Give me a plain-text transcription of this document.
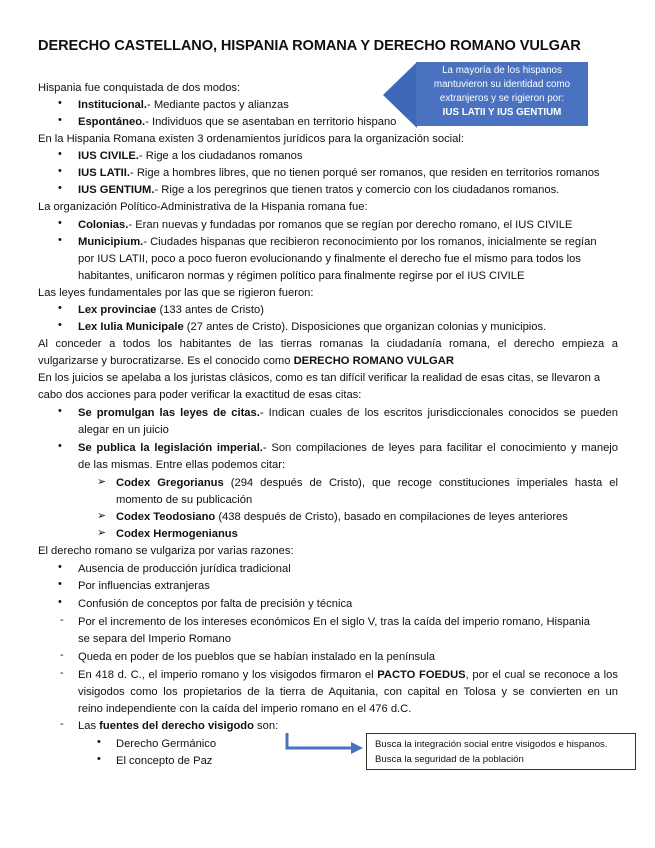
DERECHO CASTELLANO, HISPANIA ROMANA Y DERECHO ROMANO VULGAR
La mayoría de los hispanos
mantuvieron su identidad como
extranjeros y se rigieron por:
IUS LATII Y IUS GENTIUM
Hispania fue conquistada de dos modos:
•
Institucional.- Mediante pactos y alianzas
•
Espontáneo.- Individuos que se asentaban en territorio hispano
En la Hispania Romana existen 3 ordenamientos jurídicos para la organización social:
•
IUS CIVILE.- Rige a los ciudadanos romanos
•
IUS LATII.- Rige a hombres libres, que no tienen porqué ser romanos, que residen en territorios romanos
•
IUS GENTIUM.- Rige a los peregrinos que tienen tratos y comercio con los ciudadanos romanos.
La organización Político-Administrativa de la Hispania romana fue:
•
Colonias.- Eran nuevas y fundadas por romanos que se regían por derecho romano, el IUS CIVILE
•
Municipium.- Ciudades hispanas que recibieron reconocimiento por los romanos, inicialmente se regían
por IUS LATII, poco a poco fueron evolucionando y finalmente el derecho fue el mismo para todos los
habitantes, unificaron normas y régimen político para finalmente regirse por el IUS CIVILE
Las leyes fundamentales por las que se rigieron fueron:
•
Lex provinciae (133 antes de Cristo)
•
Lex Iulia Municipale (27 antes de Cristo). Disposiciones que organizan colonias y municipios.
Al conceder a todos los habitantes de las tierras romanas la ciudadanía romana, el derecho empieza a
vulgarizarse y burocratizarse. Es el conocido como DERECHO ROMANO VULGAR
En los juicios se apelaba a los juristas clásicos, como es tan difícil verificar la realidad de esas citas, se llevaron a
cabo dos acciones para poder verificar la exactitud de esas citas:
•
Se promulgan las leyes de citas.- Indican cuales de los escritos jurisdiccionales conocidos se pueden
alegar en un juicio
•
Se publica la legislación imperial.- Son compilaciones de leyes para facilitar el conocimiento y manejo
de las mismas. Entre ellas podemos citar:
➢
Codex Gregorianus (294 después de Cristo), que recoge constituciones imperiales hasta el
momento de su publicación
➢
Codex Teodosiano (438 después de Cristo), basado en compilaciones de leyes anteriores
➢
Codex Hermogenianus
El derecho romano se vulgariza por varias razones:
•
Ausencia de producción jurídica tradicional
•
Por influencias extranjeras
•
Confusión de conceptos por falta de precisión y técnica
-
Por el incremento de los intereses económicos En el siglo V, tras la caída del imperio romano, Hispania
se separa del Imperio Romano
-
Queda en poder de los pueblos que se habían instalado en la península
-
En 418 d. C., el imperio romano y los visigodos firmaron el PACTO FOEDUS, por el cual se reconoce a los
visigodos como los propietarios de la tierra de Aquitania, con capital en Tolosa y se convierten en un
reino independiente con la caída del imperio romano en el 476 d.C.
-
Las fuentes del derecho visigodo son:
•
Derecho Germánico
•
El concepto de Paz
Busca la integración social entre visigodos e hispanos.
Busca la seguridad de la población
